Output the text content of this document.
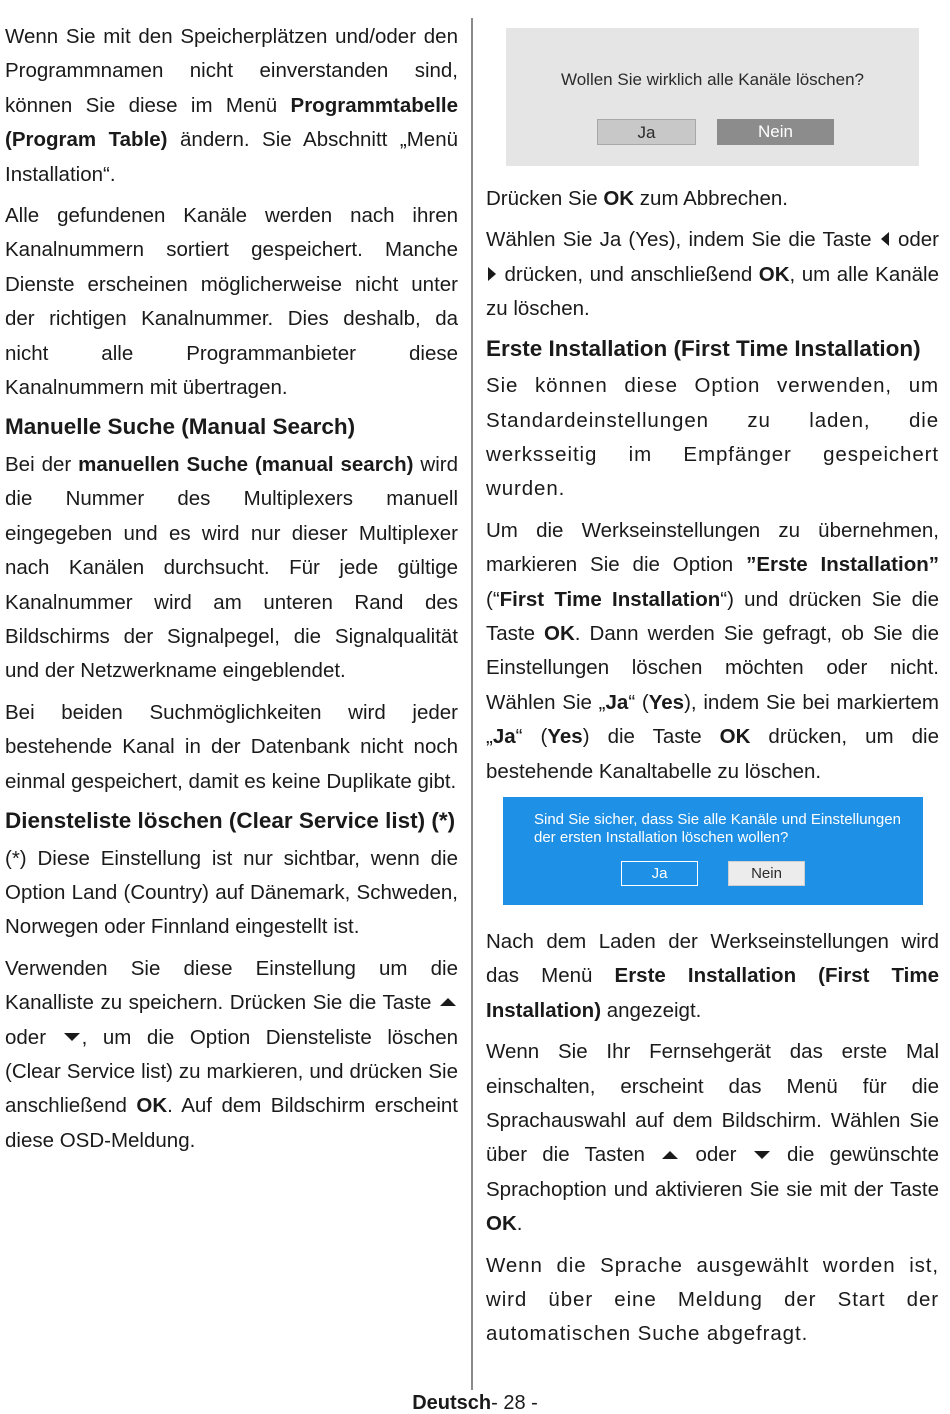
Wenn Sie mit den Speicherplätzen und/oder den Programmnamen nicht einverstanden sind, können Sie diese im Menü Programmtabelle (Program Table) ändern. Sie Abschnitt „Menü Installation“.

Alle gefundenen Kanäle werden nach ihren Kanalnummern sortiert gespeichert. Manche Dienste erscheinen möglicherweise nicht unter der richtigen Kanalnummer. Dies deshalb, da nicht alle Programmanbieter diese Kanalnummern mit übertragen.

Manuelle Suche (Manual Search)

Bei der manuellen Suche (manual search) wird die Nummer des Multiplexers manuell eingegeben und es wird nur dieser Multiplexer nach Kanälen durchsucht. Für jede gültige Kanalnummer wird am unteren Rand des Bildschirms der Signalpegel, die Signalqualität und der Netzwerkname eingeblendet.

Bei beiden Suchmöglichkeiten wird jeder bestehende Kanal in der Datenbank nicht noch einmal gespeichert, damit es keine Duplikate gibt.

Diensteliste löschen (Clear Service list) (*)

(*) Diese Einstellung ist nur sichtbar, wenn die Option Land (Country) auf Dänemark, Schweden, Norwegen oder Finnland eingestellt ist.

Verwenden Sie diese Einstellung um die Kanalliste zu speichern. Drücken Sie die Taste  oder , um die Option Diensteliste löschen (Clear Service list) zu markieren, und drücken Sie anschließend OK. Auf dem Bildschirm erscheint diese OSD-Meldung.

Wollen Sie wirklich alle Kanäle löschen?
Ja	Nein

Drücken Sie OK zum Abbrechen.

Wählen Sie Ja (Yes), indem Sie die Taste  oder  drücken, und anschließend OK, um alle Kanäle zu löschen.

Erste Installation (First Time Installation)

Sie können diese Option verwenden, um Standardeinstellungen zu laden, die werksseitig im Empfänger gespeichert wurden.

Um die Werkseinstellungen zu übernehmen, markieren Sie die Option ”Erste Installation” (“First Time Installation“) und drücken Sie die Taste OK. Dann werden Sie gefragt, ob Sie die Einstellungen löschen möchten oder nicht. Wählen Sie „Ja“ (Yes), indem Sie bei markiertem „Ja“ (Yes) die Taste OK drücken, um die bestehende Kanaltabelle zu löschen.

Sind Sie sicher, dass Sie alle Kanäle und Einstellungen der ersten Installation löschen wollen?
Ja	Nein

Nach dem Laden der Werkseinstellungen wird das Menü Erste Installation (First Time Installation) angezeigt.

Wenn Sie Ihr Fernsehgerät das erste Mal einschalten, erscheint das Menü für die Sprachauswahl auf dem Bildschirm. Wählen Sie über die Tasten  oder  die gewünschte Sprachoption und aktivieren Sie sie mit der Taste OK.

Wenn die Sprache ausgewählt worden ist, wird über eine Meldung der Start der automatischen Suche abgefragt.

Deutsch- 28 -
